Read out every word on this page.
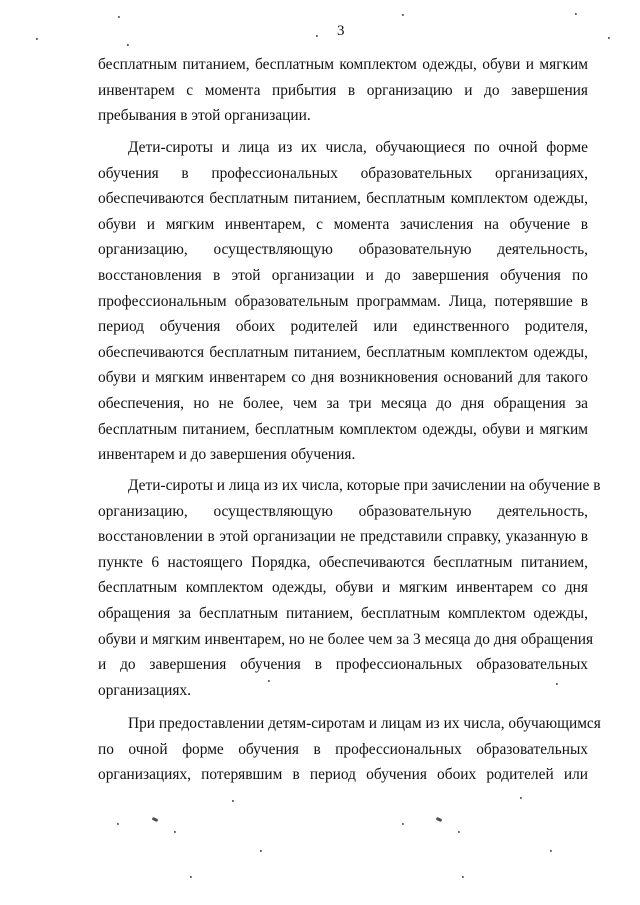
3
бесплатным питанием, бесплатным комплектом одежды, обуви и мягким
инвентарем с момента прибытия в организацию и до завершения
пребывания в этой организации.
Дети-сироты и лица из их числа, обучающиеся по очной форме
обучения в профессиональных образовательных организациях,
обеспечиваются бесплатным питанием, бесплатным комплектом одежды,
обуви и мягким инвентарем, с момента зачисления на обучение в
организацию, осуществляющую образовательную деятельность,
восстановления в этой организации и до завершения обучения по
профессиональным образовательным программам. Лица, потерявшие в
период обучения обоих родителей или единственного родителя,
обеспечиваются бесплатным питанием, бесплатным комплектом одежды,
обуви и мягким инвентарем со дня возникновения оснований для такого
обеспечения, но не более, чем за три месяца до дня обращения за
бесплатным питанием, бесплатным комплектом одежды, обуви и мягким
инвентарем и до завершения обучения.
Дети-сироты и лица из их числа, которые при зачислении на обучение в
организацию, осуществляющую образовательную деятельность,
восстановлении в этой организации не представили справку, указанную в
пункте 6 настоящего Порядка, обеспечиваются бесплатным питанием,
бесплатным комплектом одежды, обуви и мягким инвентарем со дня
обращения за бесплатным питанием, бесплатным комплектом одежды,
обуви и мягким инвентарем, но не более чем за 3 месяца до дня обращения
и до завершения обучения в профессиональных образовательных
организациях.
При предоставлении детям-сиротам и лицам из их числа, обучающимся
по очной форме обучения в профессиональных образовательных
организациях, потерявшим в период обучения обоих родителей или
